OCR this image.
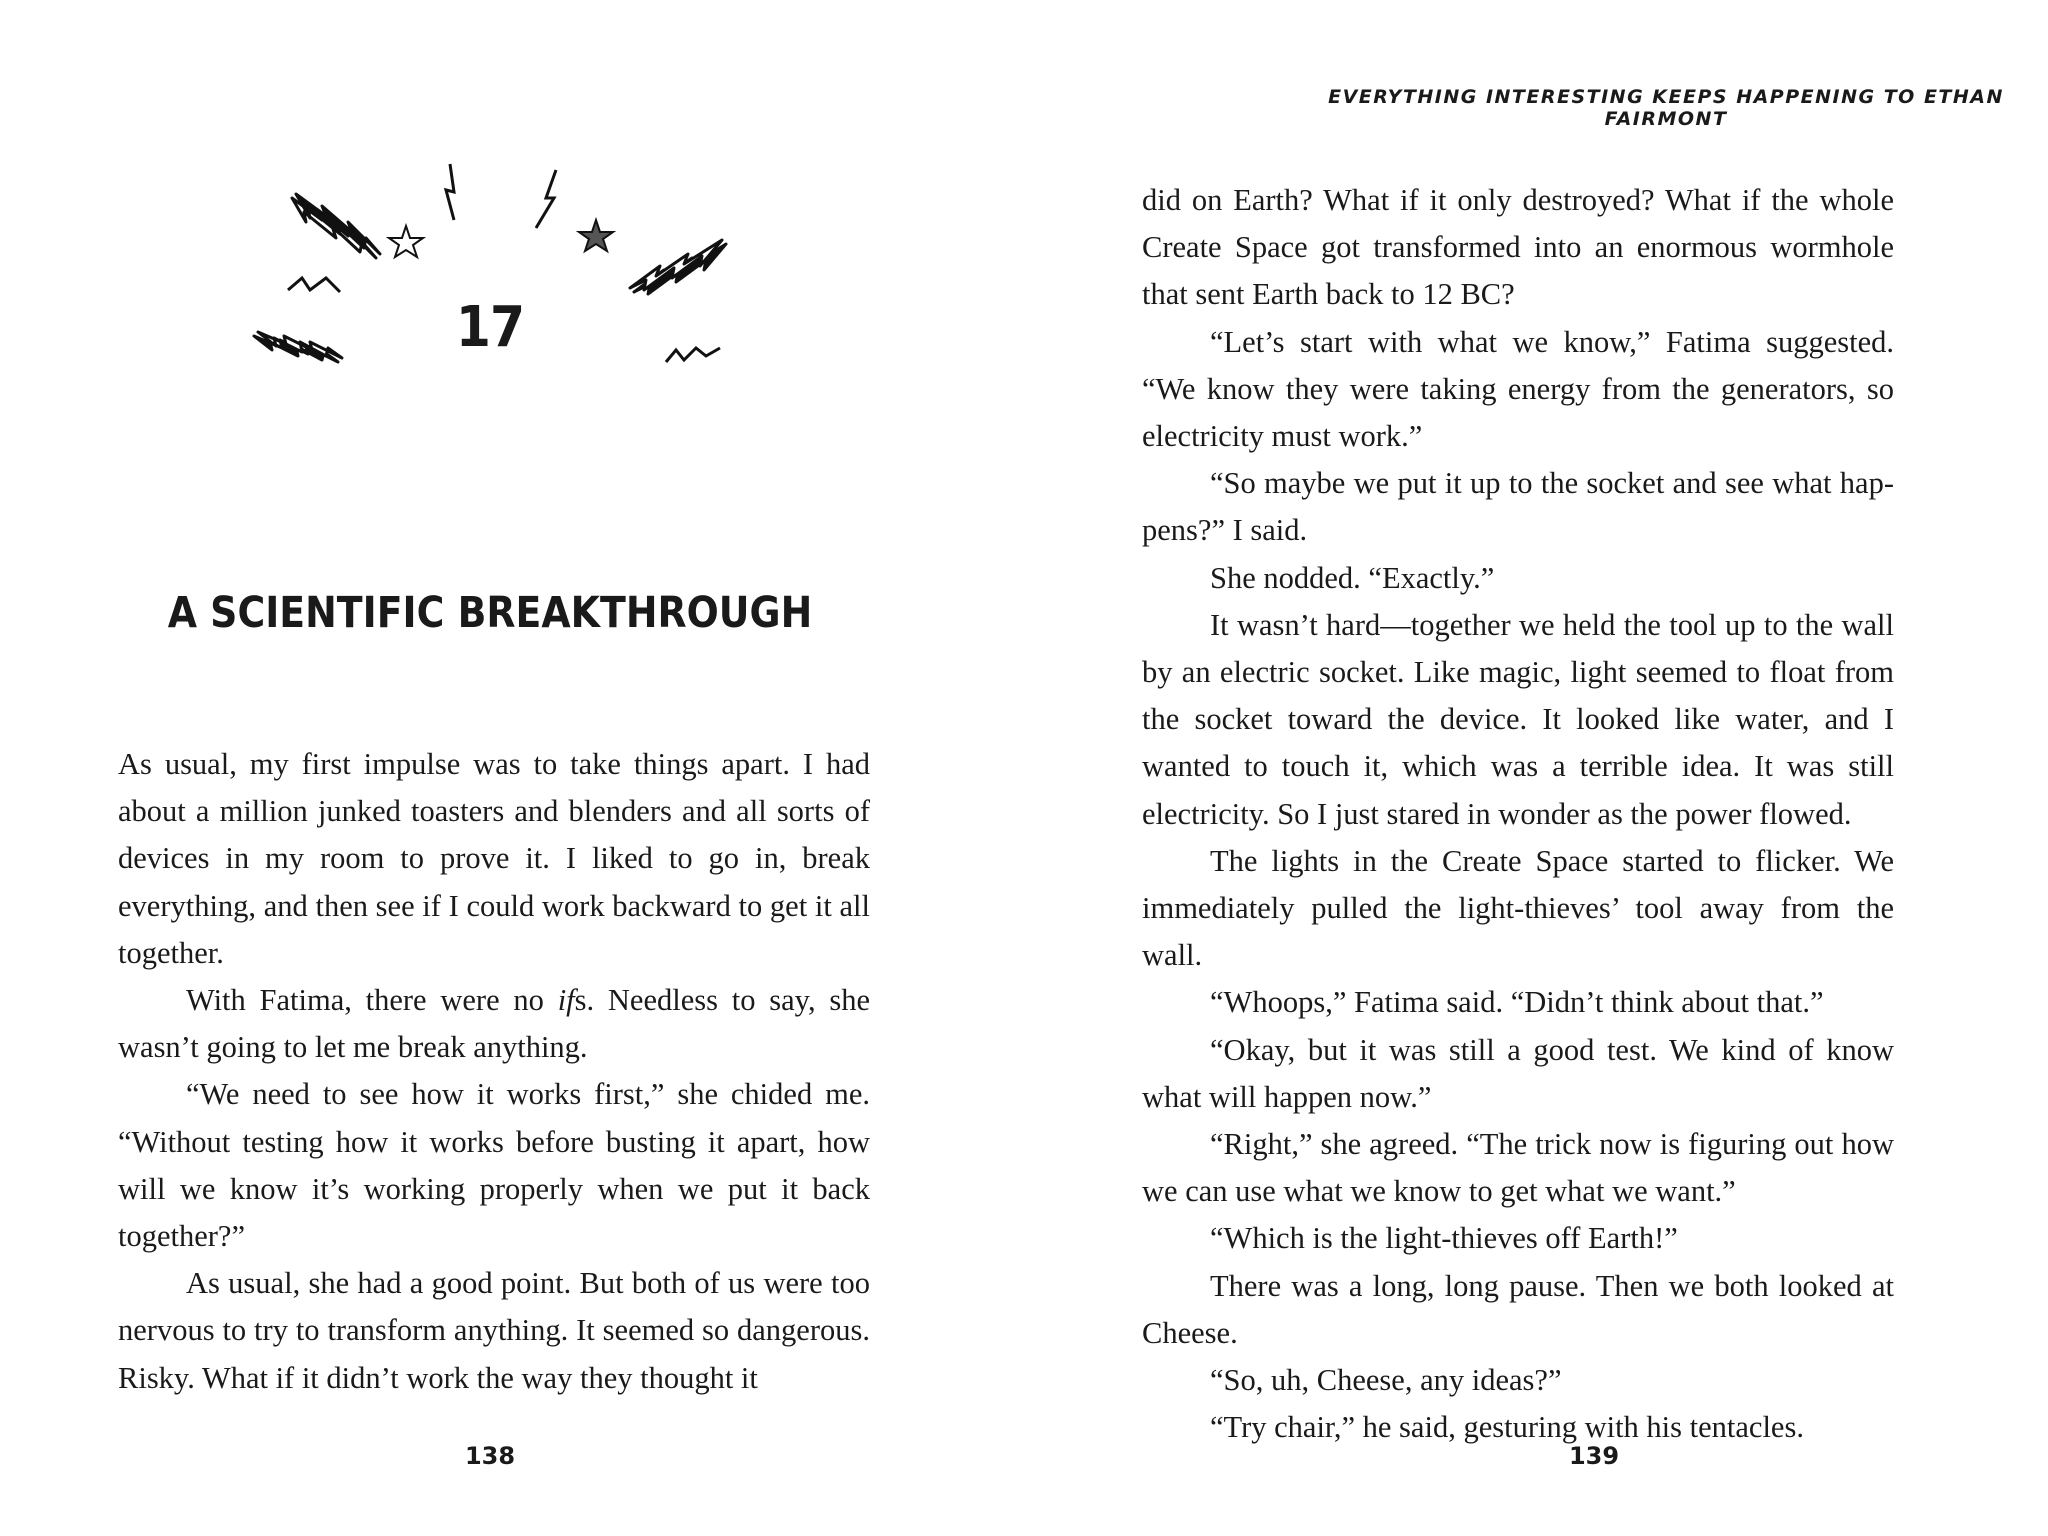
17
A SCIENTIFIC BREAKTHROUGH

As usual, my first impulse was to take things apart. I had about a million junked toasters and blenders and all sorts of devices in my room to prove it. I liked to go in, break everything, and then see if I could work backward to get it all together.

With Fatima, there were no ifs. Needless to say, she wasn’t going to let me break anything.

“We need to see how it works first,” she chided me. “Without testing how it works before busting it apart, how will we know it’s working properly when we put it back together?”

As usual, she had a good point. But both of us were too nervous to try to transform anything. It seemed so dangerous. Risky. What if it didn’t work the way they thought it

138
EVERYTHING INTERESTING KEEPS HAPPENING TO ETHAN FAIRMONT

did on Earth? What if it only destroyed? What if the whole Create Space got transformed into an enormous wormhole that sent Earth back to 12 BC?

“Let’s start with what we know,” Fatima suggested. “We know they were taking energy from the generators, so electricity must work.”

“So maybe we put it up to the socket and see what happens?” I said.

She nodded. “Exactly.”

It wasn’t hard—together we held the tool up to the wall by an electric socket. Like magic, light seemed to float from the socket toward the device. It looked like water, and I wanted to touch it, which was a terrible idea. It was still electricity. So I just stared in wonder as the power flowed.

The lights in the Create Space started to flicker. We immediately pulled the light-thieves’ tool away from the wall.

“Whoops,” Fatima said. “Didn’t think about that.”

“Okay, but it was still a good test. We kind of know what will happen now.”

“Right,” she agreed. “The trick now is figuring out how we can use what we know to get what we want.”

“Which is the light-thieves off Earth!”

There was a long, long pause. Then we both looked at Cheese.

“So, uh, Cheese, any ideas?”

“Try chair,” he said, gesturing with his tentacles.

139
